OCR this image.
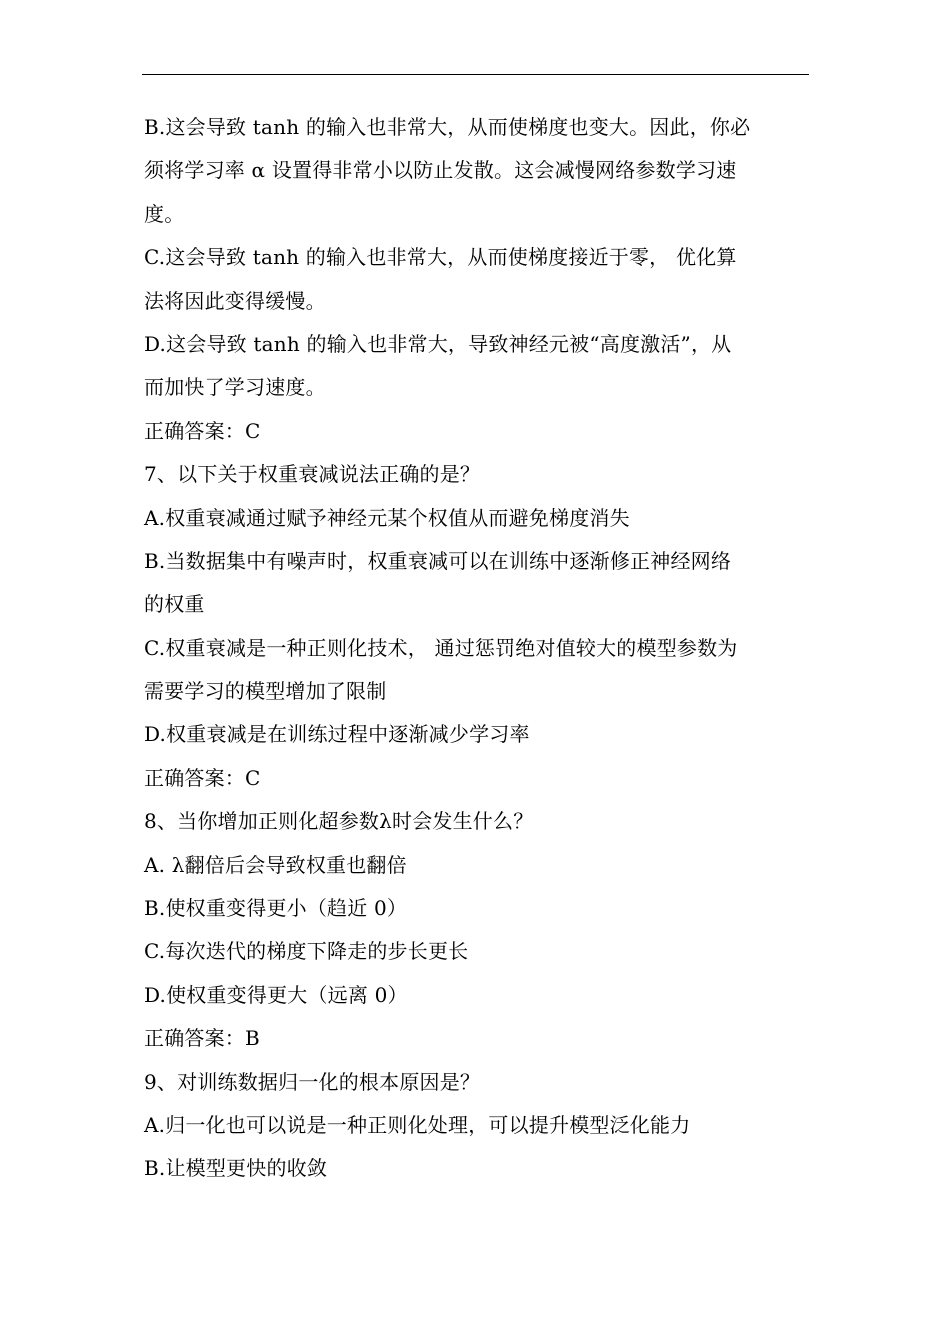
B.这会导致 tanh 的输入也非常大，从而使梯度也变大。因此，你必
须将学习率 α 设置得非常小以防止发散。这会减慢网络参数学习速
度。
C.这会导致 tanh 的输入也非常大，从而使梯度接近于零， 优化算
法将因此变得缓慢。
D.这会导致 tanh 的输入也非常大，导致神经元被“高度激活”，从
而加快了学习速度。
正确答案：C
7、以下关于权重衰减说法正确的是？
A.权重衰减通过赋予神经元某个权值从而避免梯度消失
B.当数据集中有噪声时，权重衰减可以在训练中逐渐修正神经网络
的权重
C.权重衰减是一种正则化技术， 通过惩罚绝对值较大的模型参数为
需要学习的模型增加了限制
D.权重衰减是在训练过程中逐渐减少学习率
正确答案：C
8、当你增加正则化超参数λ时会发生什么？
A. λ翻倍后会导致权重也翻倍
B.使权重变得更小（趋近 0）
C.每次迭代的梯度下降走的步长更长
D.使权重变得更大（远离 0）
正确答案：B
9、对训练数据归一化的根本原因是？
A.归一化也可以说是一种正则化处理，可以提升模型泛化能力
B.让模型更快的收敛
